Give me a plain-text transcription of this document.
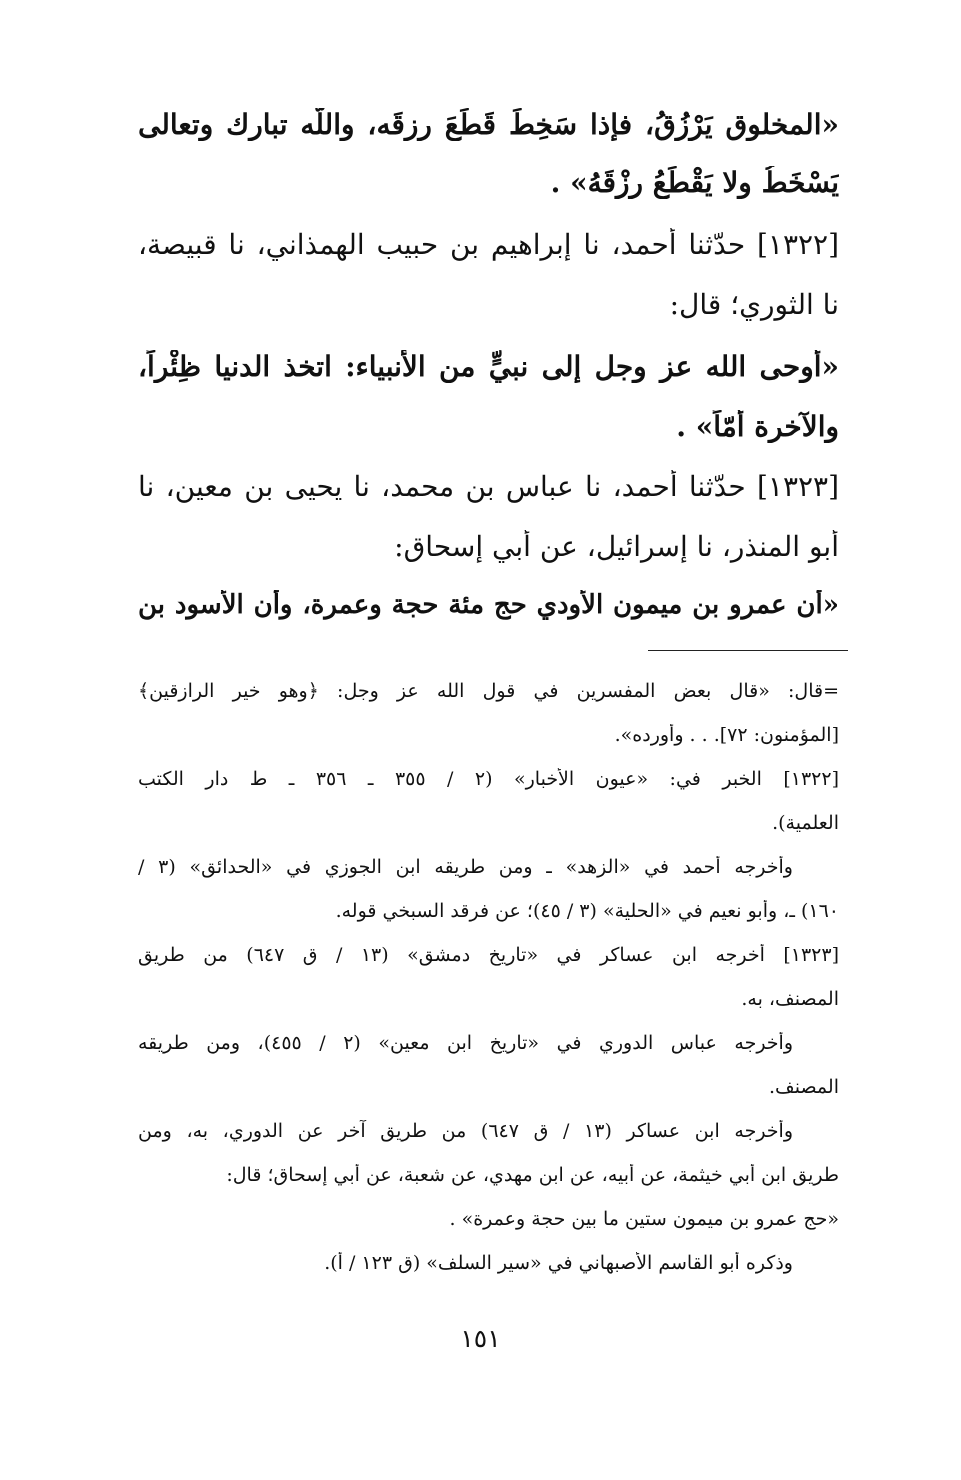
«المخلوق يَرْزُقُ، فإذا سَخِطَ قَطَعَ رزقَه، واللّه تبارك وتعالى
يَسْخَطُ ولا يَقْطَعُ رِزْقَهُ» .
[١٣٢٢] حدّثنا أحمد، نا إبراهيم بن حبيب الهمذاني، نا قبيصة،
نا الثوري؛ قال:
«أوحى الله عز وجل إلى نبيٍّ من الأنبياء: اتخذ الدنيا ظِئْراً،
والآخرة أمّاً» .
[١٣٢٣] حدّثنا أحمد، نا عباس بن محمد، نا يحيى بن معين، نا
أبو المنذر، نا إسرائيل، عن أبي إسحاق:
«أن عمرو بن ميمون الأودي حج مئة حجة وعمرة، وأن الأسود بن
=قال: «قال بعض المفسرين في قول الله عز وجل: ﴿وهو خير الرازقين﴾
[المؤمنون: ٧٢]. . . وأورده».
[١٣٢٢] الخبر في: «عيون الأخبار» (٢ / ٣٥٥ ـ ٣٥٦ ـ ط دار الكتب
العلمية).
وأخرجه أحمد في «الزهد» ـ ومن طريقه ابن الجوزي في «الحدائق» (٣ /
١٦٠) ـ، وأبو نعيم في «الحلية» (٣ / ٤٥)؛ عن فرقد السبخي قوله.
[١٣٢٣] أخرجه ابن عساكر في «تاريخ دمشق» (١٣ / ق ٦٤٧) من طريق
المصنف، به.
وأخرجه عباس الدوري في «تاريخ ابن معين» (٢ / ٤٥٥)، ومن طريقه
المصنف.
وأخرجه ابن عساكر (١٣ / ق ٦٤٧) من طريق آخر عن الدوري، به، ومن
طريق ابن أبي خيثمة، عن أبيه، عن ابن مهدي، عن شعبة، عن أبي إسحاق؛ قال:
«حج عمرو بن ميمون ستين ما بين حجة وعمرة» .
وذكره أبو القاسم الأصبهاني في «سير السلف» (ق ١٢٣ / أ).
١٥١
